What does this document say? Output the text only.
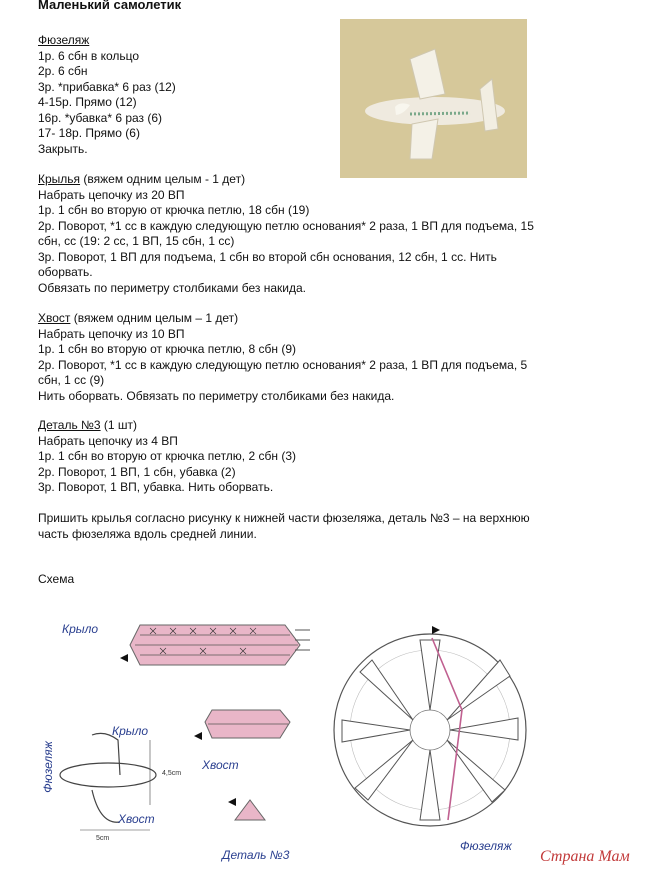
Маленький самолетик

Фюзеляж

1р. 6 сбн в кольцо

2р. 6 сбн

3р. *прибавка* 6 раз (12)

4-15р. Прямо (12)

16р. *убавка* 6 раз (6)

17- 18р. Прямо (6)

Закрыть.

Крылья (вяжем одним целым - 1 дет)

Набрать цепочку из 20 ВП

1р. 1 сбн во вторую от крючка петлю, 18 сбн (19)

2р. Поворот, *1 сс в каждую следующую петлю основания* 2 раза, 1 ВП для подъема, 15

сбн, сс (19: 2 сс, 1 ВП, 15 сбн, 1 сс)

3р. Поворот, 1 ВП для подъема, 1 сбн во второй сбн основания, 12 сбн, 1 сс. Нить

оборвать.

Обвязать по периметру столбиками без накида.

Хвост (вяжем одним целым – 1 дет)

Набрать цепочку из 10 ВП

1р. 1 сбн во вторую от крючка петлю, 8 сбн (9)

2р. Поворот, *1 сс в каждую следующую петлю основания* 2 раза, 1 ВП для подъема, 5

сбн, 1 сс (9)

Нить оборвать. Обвязать по периметру столбиками без накида.

Деталь №3 (1 шт)

Набрать цепочку из 4 ВП

1р. 1 сбн во вторую от крючка петлю, 2 сбн (3)

2р. Поворот, 1 ВП, 1 сбн, убавка (2)

3р. Поворот, 1 ВП, убавка. Нить оборвать.

Пришить крылья согласно рисунку к нижней части фюзеляжа, деталь №3 – на верхнюю

часть фюзеляжа вдоль средней линии.

Схема
Крыло
Крыло
Хвост
Хвост
Фюзеляж
Фюзеляж
Деталь №3
4,5cm
5cm
Страна Мам
